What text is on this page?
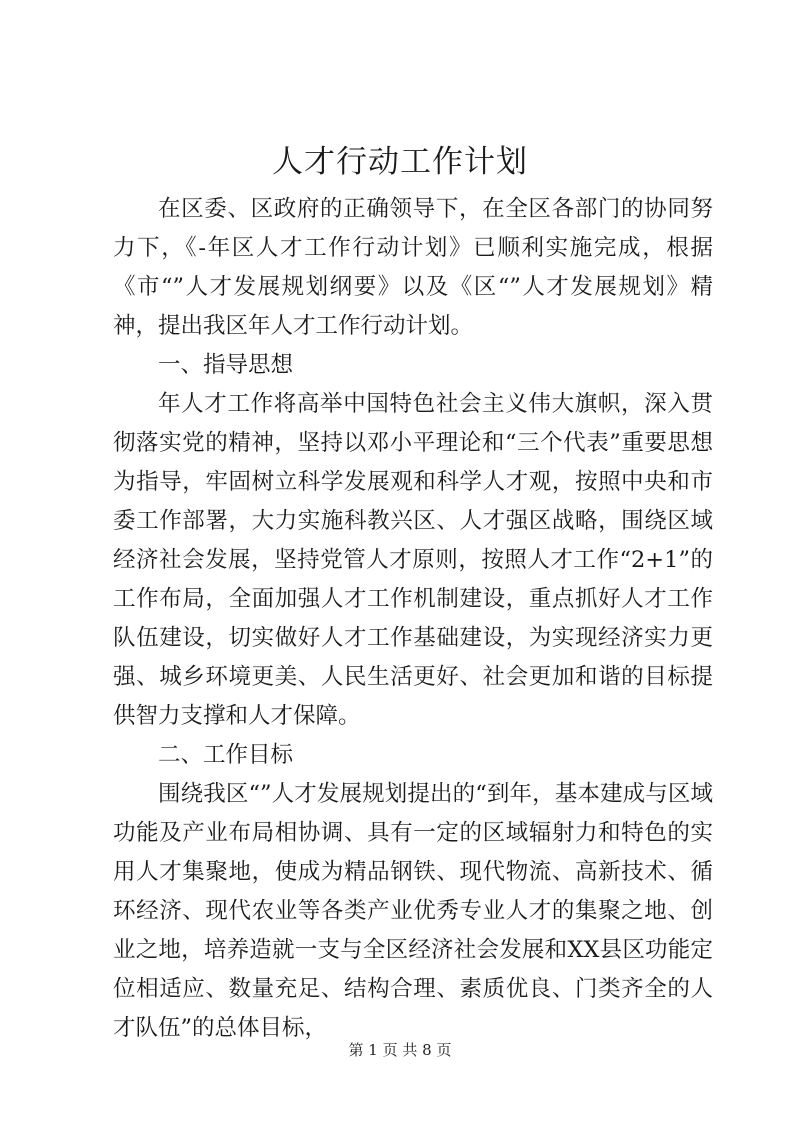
人才行动工作计划

在区委、区政府的正确领导下，在全区各部门的协同努力下，《-年区人才工作行动计划》已顺利实施完成，根据《市“”人才发展规划纲要》以及《区“”人才发展规划》精神，提出我区年人才工作行动计划。

一、指导思想

年人才工作将高举中国特色社会主义伟大旗帜，深入贯彻落实党的精神，坚持以邓小平理论和“三个代表”重要思想为指导，牢固树立科学发展观和科学人才观，按照中央和市委工作部署，大力实施科教兴区、人才强区战略，围绕区域经济社会发展，坚持党管人才原则，按照人才工作“2+1”的工作布局，全面加强人才工作机制建设，重点抓好人才工作队伍建设，切实做好人才工作基础建设，为实现经济实力更强、城乡环境更美、人民生活更好、社会更加和谐的目标提供智力支撑和人才保障。

二、工作目标

围绕我区“”人才发展规划提出的“到年，基本建成与区域功能及产业布局相协调、具有一定的区域辐射力和特色的实用人才集聚地，使成为精品钢铁、现代物流、高新技术、循环经济、现代农业等各类产业优秀专业人才的集聚之地、创业之地，培养造就一支与全区经济社会发展和XX县区功能定位相适应、数量充足、结构合理、素质优良、门类齐全的人才队伍”的总体目标，

第 1 页 共 8 页
